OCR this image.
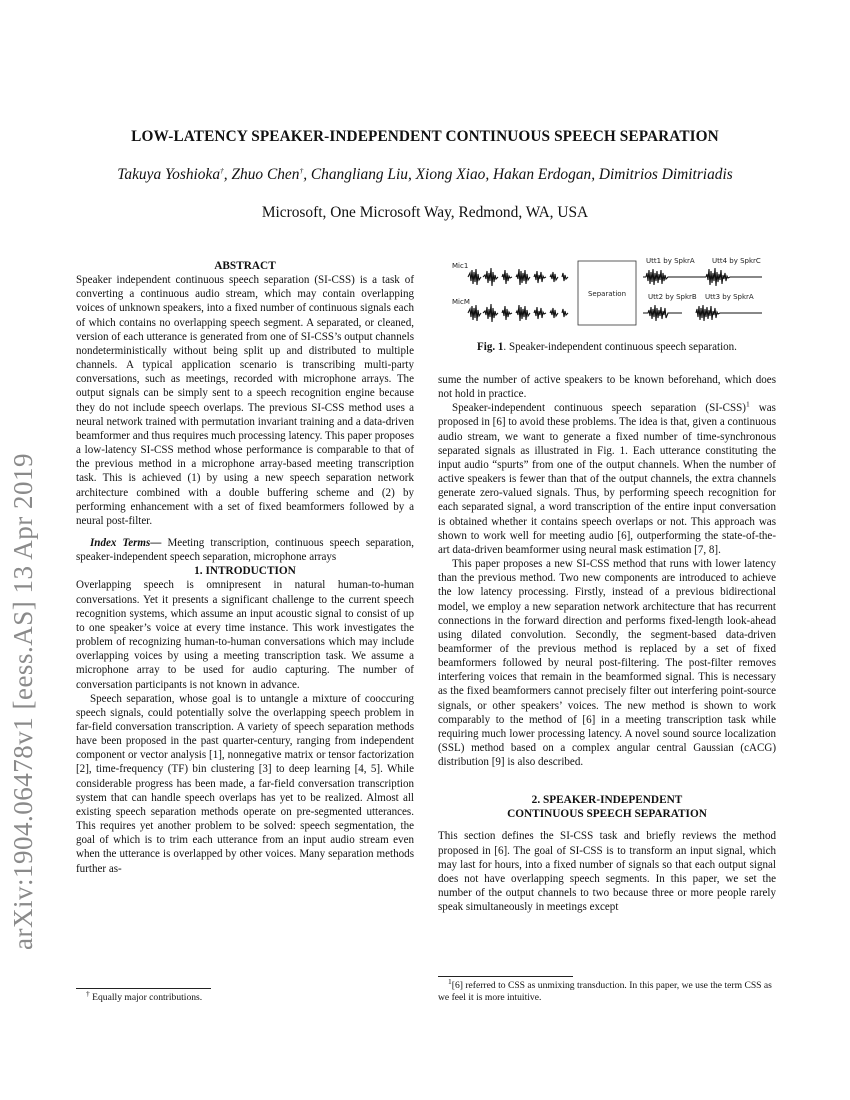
arXiv:1904.06478v1 [eess.AS] 13 Apr 2019
LOW-LATENCY SPEAKER-INDEPENDENT CONTINUOUS SPEECH SEPARATION
Takuya Yoshioka†, Zhuo Chen†, Changliang Liu, Xiong Xiao, Hakan Erdogan, Dimitrios Dimitriadis
Microsoft, One Microsoft Way, Redmond, WA, USA
Mic1
MicM
Separation
Utt1 by SpkrA Utt4 by SpkrC
Utt2 by SpkrB Utt3 by SpkrA
Fig. 1. Speaker-independent continuous speech separation.

ABSTRACT

Speaker independent continuous speech separation (SI-CSS) is a task of converting a continuous audio stream, which may contain overlapping voices of unknown speakers, into a fixed number of continuous signals each of which contains no overlapping speech segment. A separated, or cleaned, version of each utterance is generated from one of SI-CSS’s output channels nondeterministically without being split up and distributed to multiple channels. A typical application scenario is transcribing multi-party conversations, such as meetings, recorded with microphone arrays. The output signals can be simply sent to a speech recognition engine because they do not include speech overlaps. The previous SI-CSS method uses a neural network trained with permutation invariant training and a data-driven beamformer and thus requires much processing latency. This paper proposes a low-latency SI-CSS method whose performance is comparable to that of the previous method in a microphone array-based meeting transcription task. This is achieved (1) by using a new speech separation network architecture combined with a double buffering scheme and (2) by performing enhancement with a set of fixed beamformers followed by a neural post-filter.

Index Terms— Meeting transcription, continuous speech separation, speaker-independent speech separation, microphone arrays

1. INTRODUCTION

Overlapping speech is omnipresent in natural human-to-human conversations. Yet it presents a significant challenge to the current speech recognition systems, which assume an input acoustic signal to consist of up to one speaker’s voice at every time instance. This work investigates the problem of recognizing human-to-human conversations which may include overlapping voices by using a meeting transcription task. We assume a microphone array to be used for audio capturing. The number of conversation participants is not known in advance.

Speech separation, whose goal is to untangle a mixture of cooccuring speech signals, could potentially solve the overlapping speech problem in far-field conversation transcription. A variety of speech separation methods have been proposed in the past quarter-century, ranging from independent component or vector analysis [1], nonnegative matrix or tensor factorization [2], time-frequency (TF) bin clustering [3] to deep learning [4, 5]. While considerable progress has been made, a far-field conversation transcription system that can handle speech overlaps has yet to be realized. Almost all existing speech separation methods operate on pre-segmented utterances. This requires yet another problem to be solved: speech segmentation, the goal of which is to trim each utterance from an input audio stream even when the utterance is overlapped by other voices. Many separation methods further as-

† Equally major contributions.

sume the number of active speakers to be known beforehand, which does not hold in practice.

Speaker-independent continuous speech separation $(SI-CSS)^1$ was proposed in [6] to avoid these problems. The idea is that, given a continuous audio stream, we want to generate a fixed number of time-synchronous separated signals as illustrated in Fig. 1. Each utterance constituting the input audio “spurts” from one of the output channels. When the number of active speakers is fewer than that of the output channels, the extra channels generate zero-valued signals. Thus, by performing speech recognition for each separated signal, a word transcription of the entire input conversation is obtained whether it contains speech overlaps or not. This approach was shown to work well for meeting audio [6], outperforming the state-of-the-art data-driven beamformer using neural mask estimation [7, 8].

This paper proposes a new SI-CSS method that runs with lower latency than the previous method. Two new components are introduced to achieve the low latency processing. Firstly, instead of a previous bidirectional model, we employ a new separation network architecture that has recurrent connections in the forward direction and performs fixed-length look-ahead using dilated convolution. Secondly, the segment-based data-driven beamformer of the previous method is replaced by a set of fixed beamformers followed by neural post-filtering. The post-filter removes interfering voices that remain in the beamformed signal. This is necessary as the fixed beamformers cannot precisely filter out interfering point-source signals, or other speakers’ voices. The new method is shown to work comparably to the method of [6] in a meeting transcription task while requiring much lower processing latency. A novel sound source localization (SSL) method based on a complex angular central Gaussian (cACG) distribution [9] is also described.

2. SPEAKER-INDEPENDENT
CONTINUOUS SPEECH SEPARATION

This section defines the SI-CSS task and briefly reviews the method proposed in [6]. The goal of SI-CSS is to transform an input signal, which may last for hours, into a fixed number of signals so that each output signal does not have overlapping speech segments. In this paper, we set the number of the output channels to two because three or more people rarely speak simultaneously in meetings except

$^1$[6] referred to CSS as unmixing transduction. In this paper, we use the term CSS as we feel it is more intuitive.
